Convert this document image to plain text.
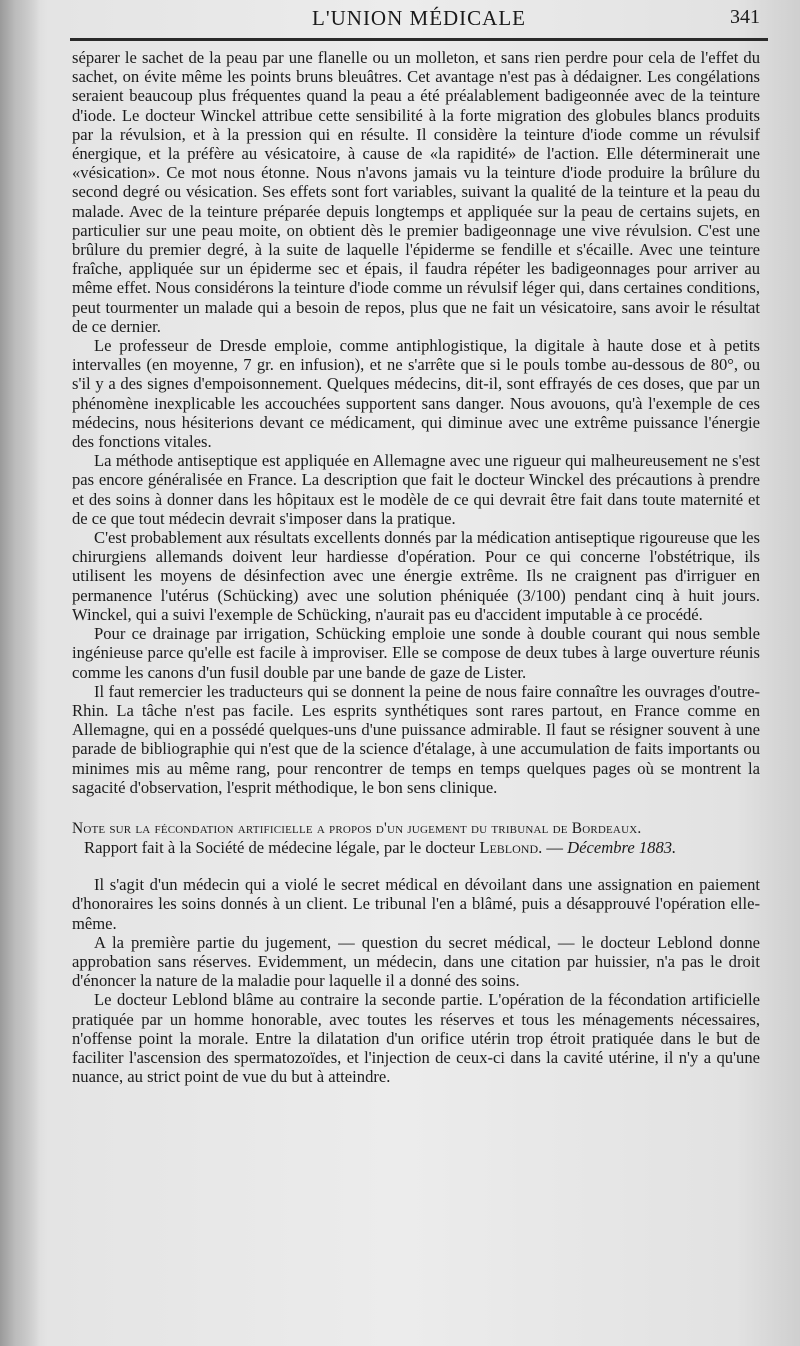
L'UNION MÉDICALE	341

séparer le sachet de la peau par une flanelle ou un molleton, et sans rien perdre pour cela de l'effet du sachet, on évite même les points bruns bleuâtres. Cet avantage n'est pas à dédaigner. Les congélations seraient beaucoup plus fréquentes quand la peau a été préalablement badigeonnée avec de la teinture d'iode. Le docteur Winckel attribue cette sensibilité à la forte migration des globules blancs produits par la révulsion, et à la pression qui en résulte. Il considère la teinture d'iode comme un révulsif énergique, et la préfère au vésicatoire, à cause de «la rapidité» de l'action. Elle déterminerait une «vésication». Ce mot nous étonne. Nous n'avons jamais vu la teinture d'iode produire la brûlure du second degré ou vésication. Ses effets sont fort variables, suivant la qualité de la teinture et la peau du malade. Avec de la teinture préparée depuis longtemps et appliquée sur la peau de certains sujets, en particulier sur une peau moite, on obtient dès le premier badigeonnage une vive révulsion. C'est une brûlure du premier degré, à la suite de laquelle l'épiderme se fendille et s'écaille. Avec une teinture fraîche, appliquée sur un épiderme sec et épais, il faudra répéter les badigeonnages pour arriver au même effet. Nous considérons la teinture d'iode comme un révulsif léger qui, dans certaines conditions, peut tourmenter un malade qui a besoin de repos, plus que ne fait un vésicatoire, sans avoir le résultat de ce dernier.

Le professeur de Dresde emploie, comme antiphlogistique, la digitale à haute dose et à petits intervalles (en moyenne, 7 gr. en infusion), et ne s'arrête que si le pouls tombe au-dessous de 80°, ou s'il y a des signes d'empoisonnement. Quelques médecins, dit-il, sont effrayés de ces doses, que par un phénomène inexplicable les accouchées supportent sans danger. Nous avouons, qu'à l'exemple de ces médecins, nous hésiterions devant ce médicament, qui diminue avec une extrême puissance l'énergie des fonctions vitales.

La méthode antiseptique est appliquée en Allemagne avec une rigueur qui malheureusement ne s'est pas encore généralisée en France. La description que fait le docteur Winckel des précautions à prendre et des soins à donner dans les hôpitaux est le modèle de ce qui devrait être fait dans toute maternité et de ce que tout médecin devrait s'imposer dans la pratique.

C'est probablement aux résultats excellents donnés par la médication antiseptique rigoureuse que les chirurgiens allemands doivent leur hardiesse d'opération. Pour ce qui concerne l'obstétrique, ils utilisent les moyens de désinfection avec une énergie extrême. Ils ne craignent pas d'irriguer en permanence l'utérus (Schücking) avec une solution phéniquée (3/100) pendant cinq à huit jours. Winckel, qui a suivi l'exemple de Schücking, n'aurait pas eu d'accident imputable à ce procédé.

Pour ce drainage par irrigation, Schücking emploie une sonde à double courant qui nous semble ingénieuse parce qu'elle est facile à improviser. Elle se compose de deux tubes à large ouverture réunis comme les canons d'un fusil double par une bande de gaze de Lister.

Il faut remercier les traducteurs qui se donnent la peine de nous faire connaître les ouvrages d'outre-Rhin. La tâche n'est pas facile. Les esprits synthétiques sont rares partout, en France comme en Allemagne, qui en a possédé quelques-uns d'une puissance admirable. Il faut se résigner souvent à une parade de bibliographie qui n'est que de la science d'étalage, à une accumulation de faits importants ou minimes mis au même rang, pour rencontrer de temps en temps quelques pages où se montrent la sagacité d'observation, l'esprit méthodique, le bon sens clinique.

Note sur la fécondation artificielle a propos d'un jugement du tribunal de Bordeaux.
Rapport fait à la Société de médecine légale, par le docteur Leblond. — Décembre 1883.

Il s'agit d'un médecin qui a violé le secret médical en dévoilant dans une assignation en paiement d'honoraires les soins donnés à un client. Le tribunal l'en a blâmé, puis a désapprouvé l'opération elle-même.

A la première partie du jugement, — question du secret médical, — le docteur Leblond donne approbation sans réserves. Evidemment, un médecin, dans une citation par huissier, n'a pas le droit d'énoncer la nature de la maladie pour laquelle il a donné des soins.

Le docteur Leblond blâme au contraire la seconde partie. L'opération de la fécondation artificielle pratiquée par un homme honorable, avec toutes les réserves et tous les ménagements nécessaires, n'offense point la morale. Entre la dilatation d'un orifice utérin trop étroit pratiquée dans le but de faciliter l'ascension des spermatozoïdes, et l'injection de ceux-ci dans la cavité utérine, il n'y a qu'une nuance, au strict point de vue du but à atteindre.
